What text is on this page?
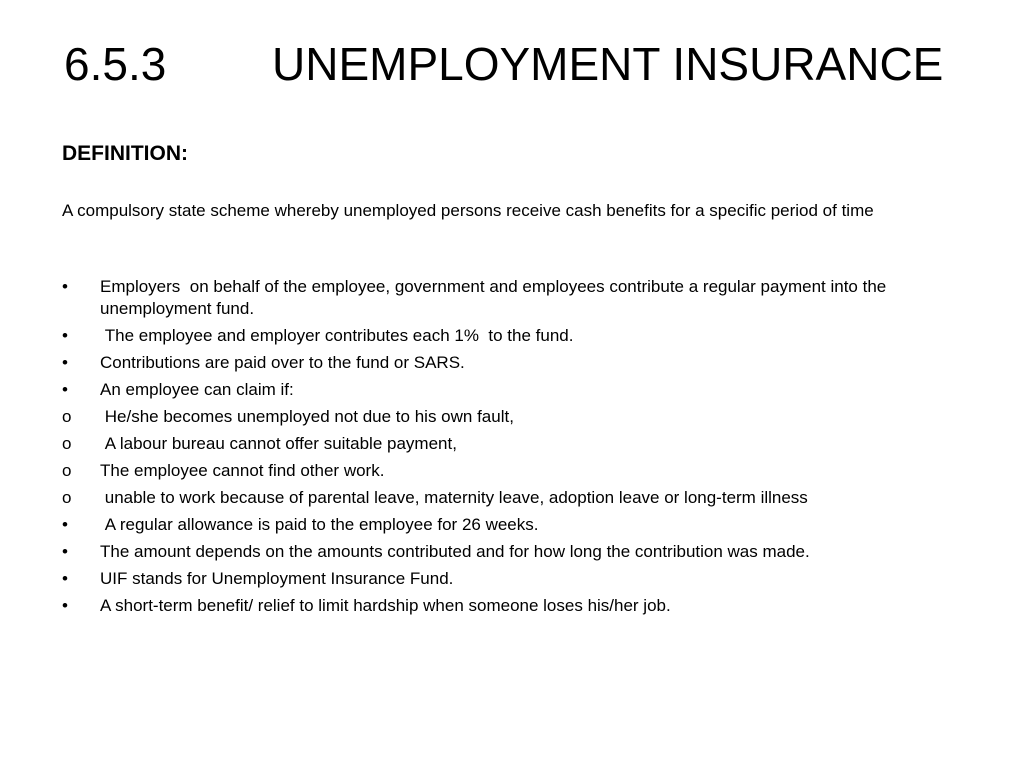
6.5.3 UNEMPLOYMENT INSURANCE
DEFINITION:
A compulsory state scheme whereby unemployed persons receive cash benefits for a specific period of time
•	Employers  on behalf of the employee, government and employees contribute a regular payment into the unemployment fund.
•	The employee and employer contributes each 1%  to the fund.
•	Contributions are paid over to the fund or SARS.
•	An employee can claim if:
o	He/she becomes unemployed not due to his own fault,
o	A labour bureau cannot offer suitable payment,
o	The employee cannot find other work.
o	unable to work because of parental leave, maternity leave, adoption leave or long-term illness
•	A regular allowance is paid to the employee for 26 weeks.
•	The amount depends on the amounts contributed and for how long the contribution was made.
•	UIF stands for Unemployment Insurance Fund.
•	A short-term benefit/ relief to limit hardship when someone loses his/her job.
